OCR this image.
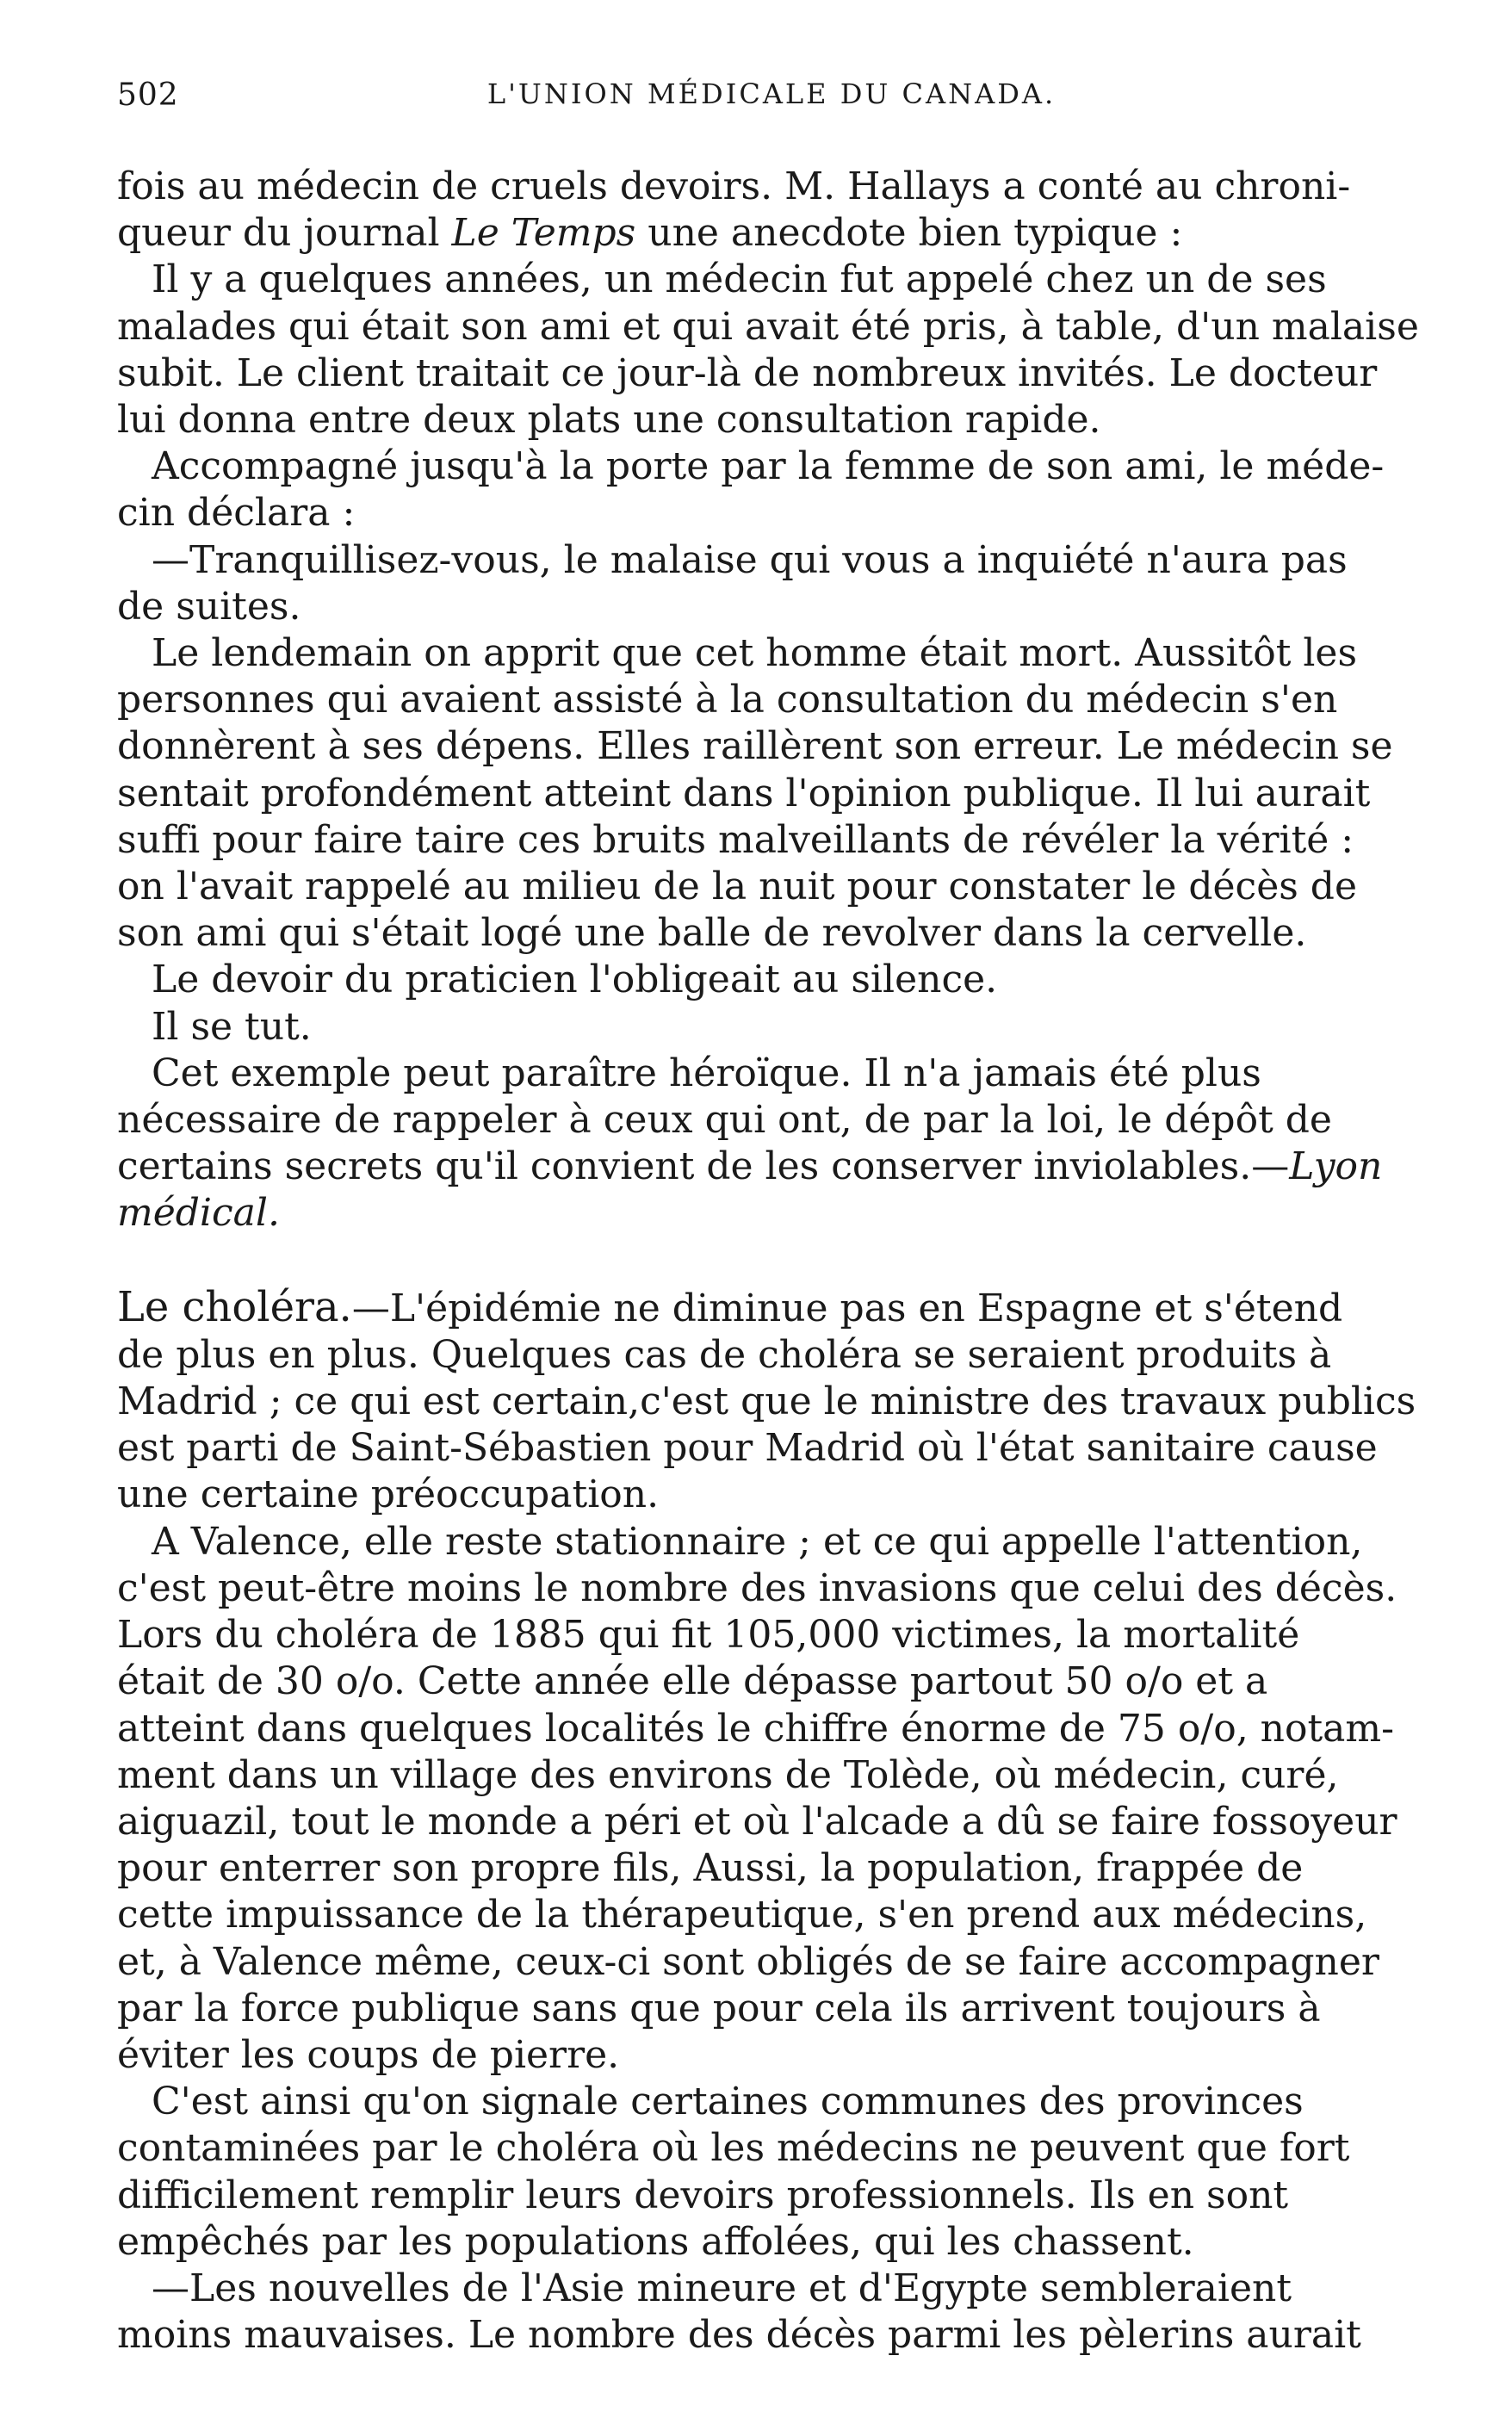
502	L'UNION MÉDICALE DU CANADA.

fois au médecin de cruels devoirs. M. Hallays a conté au chroni-
queur du journal Le Temps une anecdote bien typique :

Il y a quelques années, un médecin fut appelé chez un de ses
malades qui était son ami et qui avait été pris, à table, d'un malaise
subit. Le client traitait ce jour-là de nombreux invités. Le docteur
lui donna entre deux plats une consultation rapide.

Accompagné jusqu'à la porte par la femme de son ami, le méde-
cin déclara :

—Tranquillisez-vous, le malaise qui vous a inquiété n'aura pas
de suites.

Le lendemain on apprit que cet homme était mort. Aussitôt les
personnes qui avaient assisté à la consultation du médecin s'en
donnèrent à ses dépens. Elles raillèrent son erreur. Le médecin se
sentait profondément atteint dans l'opinion publique. Il lui aurait
suffi pour faire taire ces bruits malveillants de révéler la vérité :
on l'avait rappelé au milieu de la nuit pour constater le décès de
son ami qui s'était logé une balle de revolver dans la cervelle.

Le devoir du praticien l'obligeait au silence.

Il se tut.

Cet exemple peut paraître héroïque. Il n'a jamais été plus
nécessaire de rappeler à ceux qui ont, de par la loi, le dépôt de
certains secrets qu'il convient de les conserver inviolables.—Lyon
médical.

Le choléra.—L'épidémie ne diminue pas en Espagne et s'étend
de plus en plus. Quelques cas de choléra se seraient produits à
Madrid ; ce qui est certain,c'est que le ministre des travaux publics
est parti de Saint-Sébastien pour Madrid où l'état sanitaire cause
une certaine préoccupation.

A Valence, elle reste stationnaire ; et ce qui appelle l'attention,
c'est peut-être moins le nombre des invasions que celui des décès.
Lors du choléra de 1885 qui fit 105,000 victimes, la mortalité
était de 30 o/o. Cette année elle dépasse partout 50 o/o et a
atteint dans quelques localités le chiffre énorme de 75 o/o, notam-
ment dans un village des environs de Tolède, où médecin, curé,
aiguazil, tout le monde a péri et où l'alcade a dû se faire fossoyeur
pour enterrer son propre fils, Aussi, la population, frappée de
cette impuissance de la thérapeutique, s'en prend aux médecins,
et, à Valence même, ceux-ci sont obligés de se faire accompagner
par la force publique sans que pour cela ils arrivent toujours à
éviter les coups de pierre.

C'est ainsi qu'on signale certaines communes des provinces
contaminées par le choléra où les médecins ne peuvent que fort
difficilement remplir leurs devoirs professionnels. Ils en sont
empêchés par les populations affolées, qui les chassent.

—Les nouvelles de l'Asie mineure et d'Egypte sembleraient
moins mauvaises. Le nombre des décès parmi les pèlerins aurait
